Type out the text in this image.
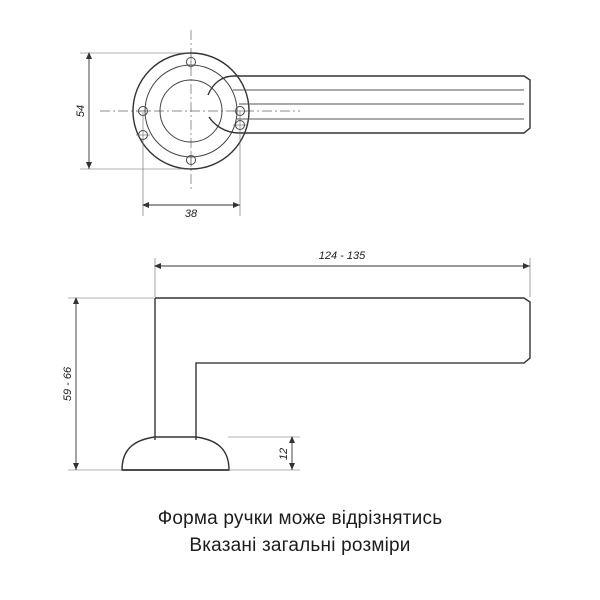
54
38
124 - 135
59 - 66
12
Форма ручки може відрізнятись
Вказані загальні розміри
